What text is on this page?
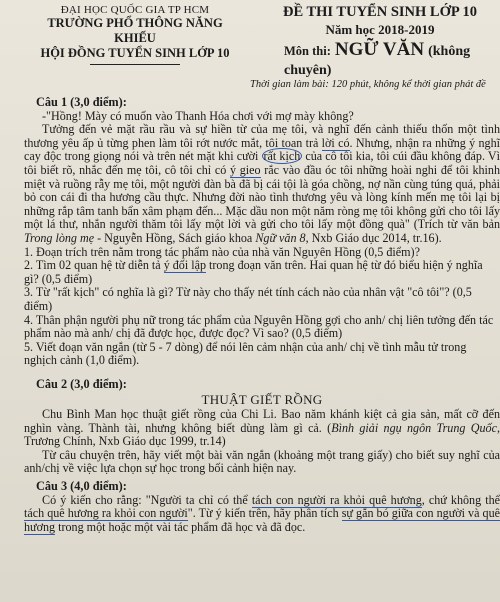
ĐẠI HỌC QUỐC GIA TP HCM
TRƯỜNG PHỔ THÔNG NĂNG KHIẾU
HỘI ĐỒNG TUYỂN SINH LỚP 10
ĐỀ THI TUYỂN SINH LỚP 10
Năm học 2018-2019
Môn thi: NGỮ VĂN (không chuyên)
Thời gian làm bài: 120 phút, không kể thời gian phát đề
Câu 1 (3,0 điểm):

-"Hồng! Mày có muốn vào Thanh Hóa chơi với mợ mày không?

Tưởng đến vẻ mặt rầu rầu và sự hiền từ của mẹ tôi, và nghĩ đến cảnh thiếu thốn một tình thương yêu ấp ủ từng phen làm tôi rớt nước mắt, tôi toan trả lời có. Nhưng, nhận ra những ý nghĩ cay độc trong giọng nói và trên nét mặt khi cười rất kịch của cô tôi kia, tôi cúi đầu không đáp. Vì tôi biết rõ, nhắc đến mẹ tôi, cô tôi chỉ có ý gieo rắc vào đầu óc tôi những hoài nghi để tôi khinh miệt và ruồng rẫy mẹ tôi, một người đàn bà đã bị cái tội là góa chồng, nợ nần cùng túng quá, phải bỏ con cái đi tha hương cầu thực. Nhưng đời nào tình thương yêu và lòng kính mến mẹ tôi lại bị những rắp tâm tanh bẩn xâm phạm đến... Mặc dầu non một năm ròng mẹ tôi không gửi cho tôi lấy một lá thư, nhắn người thăm tôi lấy một lời và gửi cho tôi lấy một đồng quà" (Trích từ văn bản Trong lòng mẹ - Nguyễn Hồng, Sách giáo khoa Ngữ văn 8, Nxb Giáo dục 2014, tr.16).

1. Đoạn trích trên nằm trong tác phẩm nào của nhà văn Nguyên Hồng (0,5 điểm)?

2. Tìm 02 quan hệ từ diễn tả ý đối lập trong đoạn văn trên. Hai quan hệ từ đó biểu hiện ý nghĩa gì? (0,5 điểm)

3. Từ "rất kịch" có nghĩa là gì? Từ này cho thấy nét tính cách nào của nhân vật "cô tôi"? (0,5 điểm)

4. Thân phận người phụ nữ trong tác phẩm của Nguyên Hồng gợi cho anh/ chị liên tưởng đến tác phẩm nào mà anh/ chị đã được học, được đọc? Vì sao? (0,5 điểm)

5. Viết đoạn văn ngắn (từ 5 - 7 dòng) để nói lên cảm nhận của anh/ chị về tình mẫu tử trong nghịch cảnh (1,0 điểm).

Câu 2 (3,0 điểm):
THUẬT GIẾT RỒNG

Chu Bình Man học thuật giết rồng của Chi Li. Bao năm khánh kiệt cả gia sản, mất cỡ đến nghìn vàng. Thành tài, nhưng không biết dùng làm gì cả. (Bình giải ngụ ngôn Trung Quốc, Trương Chính, Nxb Giáo dục 1999, tr.14)

Từ câu chuyện trên, hãy viết một bài văn ngắn (khoảng một trang giấy) cho biết suy nghĩ của anh/chị về việc lựa chọn sự học trong bối cảnh hiện nay.

Câu 3 (4,0 điểm):

Có ý kiến cho rằng: "Người ta chỉ có thể tách con người ra khỏi quê hương, chứ không thể tách quê hương ra khỏi con người". Từ ý kiến trên, hãy phân tích sự gắn bó giữa con người và quê hương trong một hoặc một vài tác phẩm đã học và đã đọc.
